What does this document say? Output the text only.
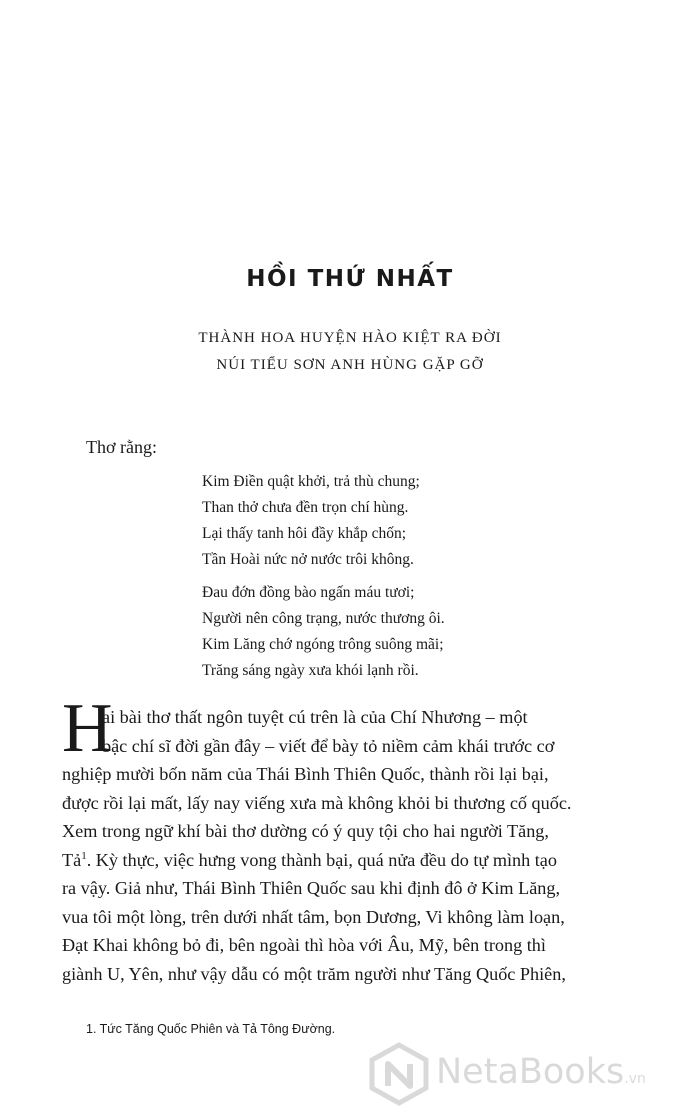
HỒI THỨ NHẤT
THÀNH HOA HUYỆN HÀO KIỆT RA ĐỜI
NÚI TIỂU SƠN ANH HÙNG GẶP GỠ
Thơ rằng:
Kim Điền quật khởi, trả thù chung;
Than thở chưa đền trọn chí hùng.
Lại thấy tanh hôi đầy khắp chốn;
Tần Hoài nức nở nước trôi không.
Đau đớn đồng bào ngấn máu tươi;
Người nên công trạng, nước thương ôi.
Kim Lăng chớ ngóng trông suông mãi;
Trăng sáng ngày xưa khói lạnh rồi.
H
ai bài thơ thất ngôn tuyệt cú trên là của Chí Nhương – một
bậc chí sĩ đời gần đây – viết để bày tỏ niềm cảm khái trước cơ
nghiệp mười bốn năm của Thái Bình Thiên Quốc, thành rồi lại bại,
được rồi lại mất, lấy nay viếng xưa mà không khỏi bi thương cố quốc.
Xem trong ngữ khí bài thơ dường có ý quy tội cho hai người Tăng,
Tả$^1$. Kỳ thực, việc hưng vong thành bại, quá nửa đều do tự mình tạo
ra vậy. Giả như, Thái Bình Thiên Quốc sau khi định đô ở Kim Lăng,
vua tôi một lòng, trên dưới nhất tâm, bọn Dương, Vi không làm loạn,
Đạt Khai không bỏ đi, bên ngoài thì hòa với Âu, Mỹ, bên trong thì
giành U, Yên, như vậy dẫu có một trăm người như Tăng Quốc Phiên,
1. Tức Tăng Quốc Phiên và Tả Tông Đường.
NetaBooks.vn
